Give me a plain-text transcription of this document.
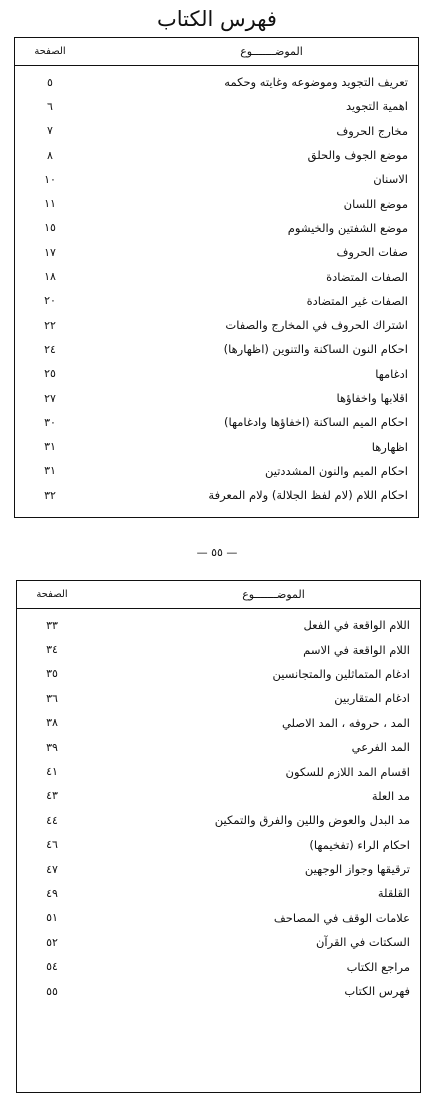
فهرس الكتاب
الموضـــــــوع
الصفحة
تعريف التجويد وموضوعه وغايته وحكمه
٥
اهمية التجويد
٦
مخارج الحروف
٧
موضع الجوف والحلق
٨
الاسنان
١٠
موضع اللسان
١١
موضع الشفتين والخيشوم
١٥
صفات الحروف
١٧
الصفات المتضادة
١٨
الصفات غير المتضادة
٢٠
اشتراك الحروف في المخارج والصفات
٢٢
احكام النون الساكنة والتنوين (اظهارها)
٢٤
ادغامها
٢٥
اقلابها واخفاؤها
٢٧
احكام الميم الساكنة (اخفاؤها وادغامها)
٣٠
اظهارها
٣١
احكام الميم والنون المشددتين
٣١
احكام اللام (لام لفظ الجلالة) ولام المعرفة
٣٢
— ٥٥ —
الموضـــــــوع
الصفحة
اللام الواقعة في الفعل
٣٣
اللام الواقعة في الاسم
٣٤
ادغام المتماثلين والمتجانسين
٣٥
ادغام المتقاربين
٣٦
المد ، حروفه ، المد الاصلي
٣٨
المد الفرعي
٣٩
اقسام المد اللازم للسكون
٤١
مد العلة
٤٣
مد البدل والعوض واللين والفرق والتمكين
٤٤
احكام الراء (تفخيمها)
٤٦
ترقيقها وجواز الوجهين
٤٧
القلقلة
٤٩
علامات الوقف في المصاحف
٥١
السكتات في القرآن
٥٢
مراجع الكتاب
٥٤
فهرس الكتاب
٥٥
